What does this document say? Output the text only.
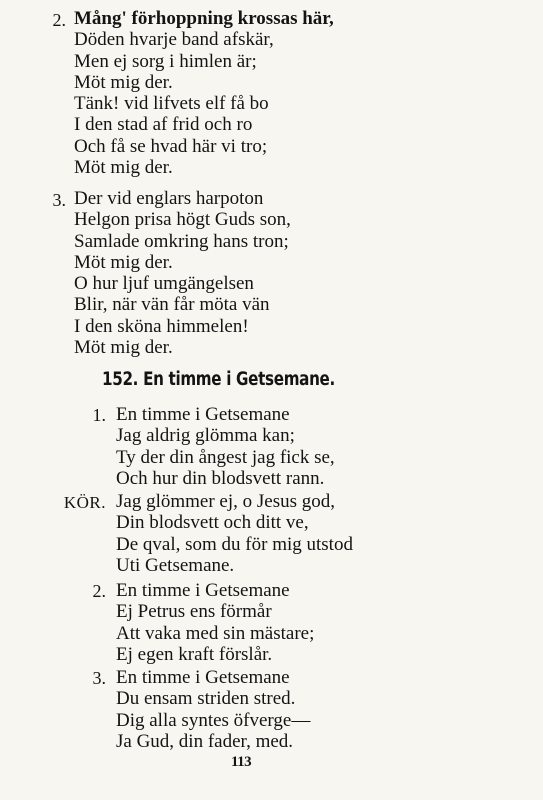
2. Mång' förhoppning krossas här,
Döden hvarje band afskär,
Men ej sorg i himlen är;
Möt mig der.
Tänk! vid lifvets elf få bo
I den stad af frid och ro
Och få se hvad här vi tro;
Möt mig der.
3. Der vid englars harpoton
Helgon prisa högt Guds son,
Samlade omkring hans tron;
Möt mig der.
O hur ljuf umgängelsen
Blir, när vän får möta vän
I den sköna himmelen!
Möt mig der.
152. En timme i Getsemane.
1. En timme i Getsemane
Jag aldrig glömma kan;
Ty der din ångest jag fick se,
Och hur din blodsvett rann.
KÖR. Jag glömmer ej, o Jesus god,
Din blodsvett och ditt ve,
De qval, som du för mig utstod
Uti Getsemane.
2. En timme i Getsemane
Ej Petrus ens förmår
Att vaka med sin mästare;
Ej egen kraft förslår.
3. En timme i Getsemane
Du ensam striden stred.
Dig alla syntes öfverge—
Ja Gud, din fader, med.
113
